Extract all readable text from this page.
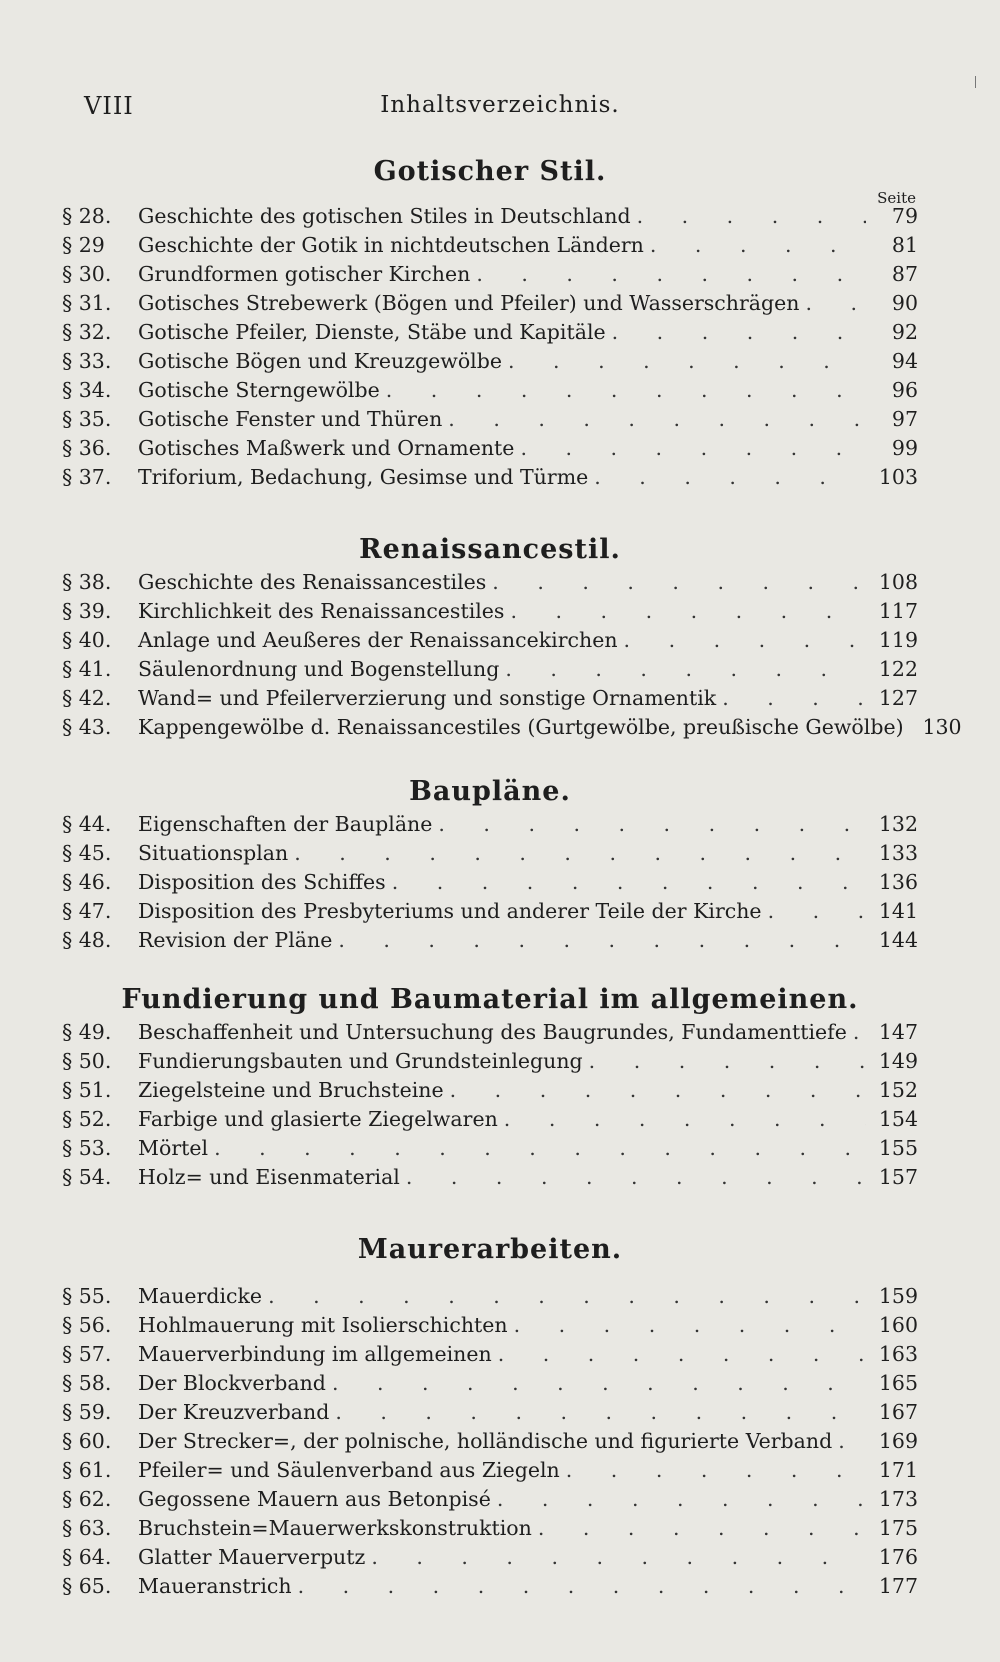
VIII	Inhaltsverzeichnis.
Gotischer Stil.
Seite
§ 28.	Geschichte des gotischen Stiles in Deutschland . . .	79
§ 29	Geschichte der Gotik in nichtdeutschen Ländern . . .	81
§ 30.	Grundformen gotischer Kirchen . . .	87
§ 31.	Gotisches Strebewerk (Bögen und Pfeiler) und Wasserschrägen . . .	90
§ 32.	Gotische Pfeiler, Dienste, Stäbe und Kapitäle . . .	92
§ 33.	Gotische Bögen und Kreuzgewölbe . . .	94
§ 34.	Gotische Sterngewölbe . . .	96
§ 35.	Gotische Fenster und Thüren . . .	97
§ 36.	Gotisches Maßwerk und Ornamente . . .	99
§ 37.	Triforium, Bedachung, Gesimse und Türme . . .	103
Renaissancestil.
§ 38.	Geschichte des Renaissancestiles . . .	108
§ 39.	Kirchlichkeit des Renaissancestiles . . .	117
§ 40.	Anlage und Aeußeres der Renaissancekirchen . . .	119
§ 41.	Säulenordnung und Bogenstellung . . .	122
§ 42.	Wand= und Pfeilerverzierung und sonstige Ornamentik . . .	127
§ 43.	Kappengewölbe d. Renaissancestiles (Gurtgewölbe, preußische Gewölbe) 130
Baupläne.
§ 44.	Eigenschaften der Baupläne . . .	132
§ 45.	Situationsplan . . .	133
§ 46.	Disposition des Schiffes . . .	136
§ 47.	Disposition des Presbyteriums und anderer Teile der Kirche . . .	141
§ 48.	Revision der Pläne . . .	144
Fundierung und Baumaterial im allgemeinen.
§ 49.	Beschaffenheit und Untersuchung des Baugrundes, Fundamenttiefe . . .	147
§ 50.	Fundierungsbauten und Grundsteinlegung . . .	149
§ 51.	Ziegelsteine und Bruchsteine . . .	152
§ 52.	Farbige und glasierte Ziegelwaren . . .	154
§ 53.	Mörtel . . .	155
§ 54.	Holz= und Eisenmaterial . . .	157
Maurerarbeiten.
§ 55.	Mauerdicke . . .	159
§ 56.	Hohlmauerung mit Isolierschichten . . .	160
§ 57.	Mauerverbindung im allgemeinen . . .	163
§ 58.	Der Blockverband . . .	165
§ 59.	Der Kreuzverband . . .	167
§ 60.	Der Strecker=, der polnische, holländische und figurierte Verband . . .	169
§ 61.	Pfeiler= und Säulenverband aus Ziegeln . . .	171
§ 62.	Gegossene Mauern aus Betonpisé . . .	173
§ 63.	Bruchstein=Mauerwerkskonstruktion . . .	175
§ 64.	Glatter Mauerverputz . . .	176
§ 65.	Maueranstrich . . .	177
